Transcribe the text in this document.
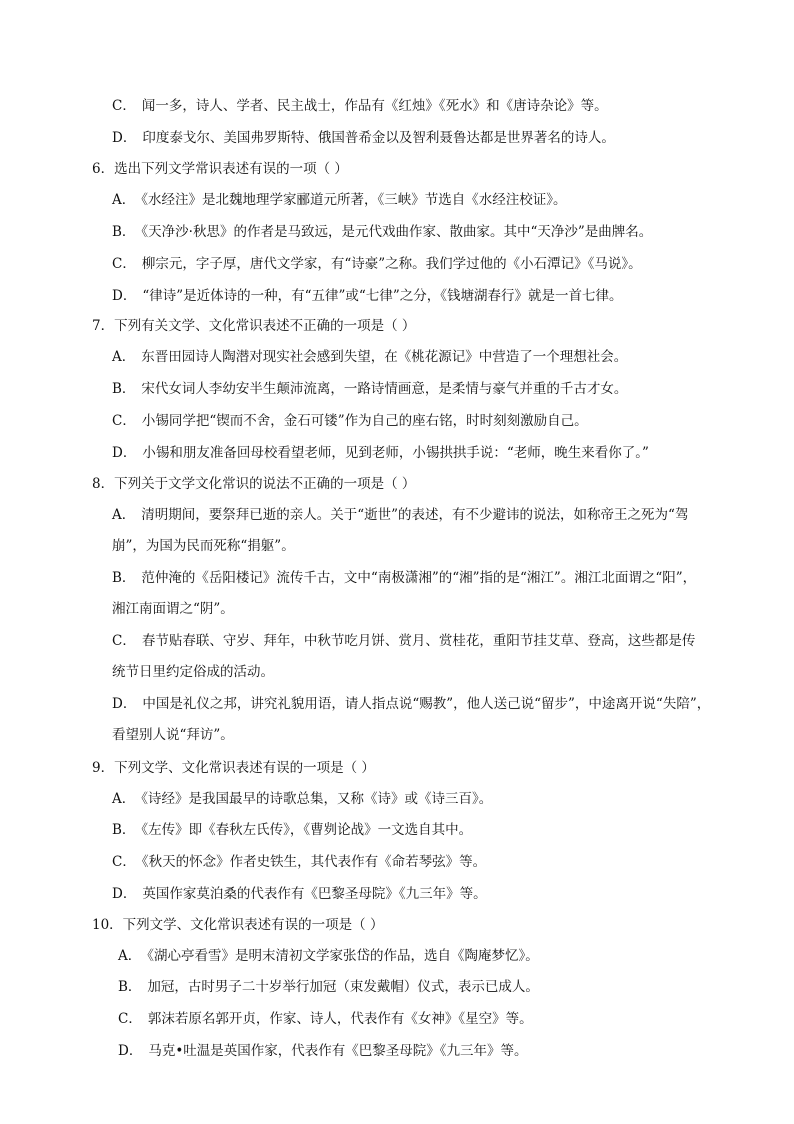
C． 闻一多，诗人、学者、民主战士，作品有《红烛》《死水》和《唐诗杂论》等。
D． 印度泰戈尔、美国弗罗斯特、俄国普希金以及智利聂鲁达都是世界著名的诗人。
6．选出下列文学常识表述有误的一项（ ）
A． 《水经注》是北魏地理学家郦道元所著，《三峡》节选自《水经注校证》。
B． 《天净沙·秋思》的作者是马致远，是元代戏曲作家、散曲家。其中“天净沙”是曲牌名。
C． 柳宗元，字子厚，唐代文学家，有“诗豪”之称。我们学过他的《小石潭记》《马说》。
D． “律诗”是近体诗的一种，有“五律”或“七律”之分，《钱塘湖春行》就是一首七律。
7．下列有关文学、文化常识表述不正确的一项是（ ）
A． 东晋田园诗人陶潜对现实社会感到失望，在《桃花源记》中营造了一个理想社会。
B． 宋代女词人李幼安半生颠沛流离，一路诗情画意，是柔情与豪气并重的千古才女。
C． 小锡同学把“锲而不舍，金石可镂”作为自己的座右铭，时时刻刻激励自己。
D． 小锡和朋友准备回母校看望老师，见到老师，小锡拱拱手说：“老师，晚生来看你了。”
8．下列关于文学文化常识的说法不正确的一项是（ ）
A． 清明期间，要祭拜已逝的亲人。关于“逝世”的表述，有不少避讳的说法，如称帝王之死为“驾
崩”，为国为民而死称“捐躯”。
B． 范仲淹的《岳阳楼记》流传千古，文中“南极潇湘”的“湘”指的是“湘江”。湘江北面谓之“阳”，
湘江南面谓之“阴”。
C． 春节贴春联、守岁、拜年，中秋节吃月饼、赏月、赏桂花，重阳节挂艾草、登高，这些都是传
统节日里约定俗成的活动。
D． 中国是礼仪之邦，讲究礼貌用语，请人指点说“赐教”，他人送己说“留步”，中途离开说“失陪”，
看望别人说“拜访”。
9．下列文学、文化常识表述有误的一项是（ ）
A． 《诗经》是我国最早的诗歌总集，又称《诗》或《诗三百》。
B． 《左传》即《春秋左氏传》，《曹刿论战》一文选自其中。
C． 《秋天的怀念》作者史铁生，其代表作有《命若琴弦》等。
D． 英国作家莫泊桑的代表作有《巴黎圣母院》《九三年》等。
10．下列文学、文化常识表述有误的一项是（ ）
A． 《湖心亭看雪》是明末清初文学家张岱的作品，选自《陶庵梦忆》。
B． 加冠，古时男子二十岁举行加冠（束发戴帽）仪式，表示已成人。
C． 郭沫若原名郭开贞，作家、诗人，代表作有《女神》《星空》等。
D． 马克•吐温是英国作家，代表作有《巴黎圣母院》《九三年》等。
